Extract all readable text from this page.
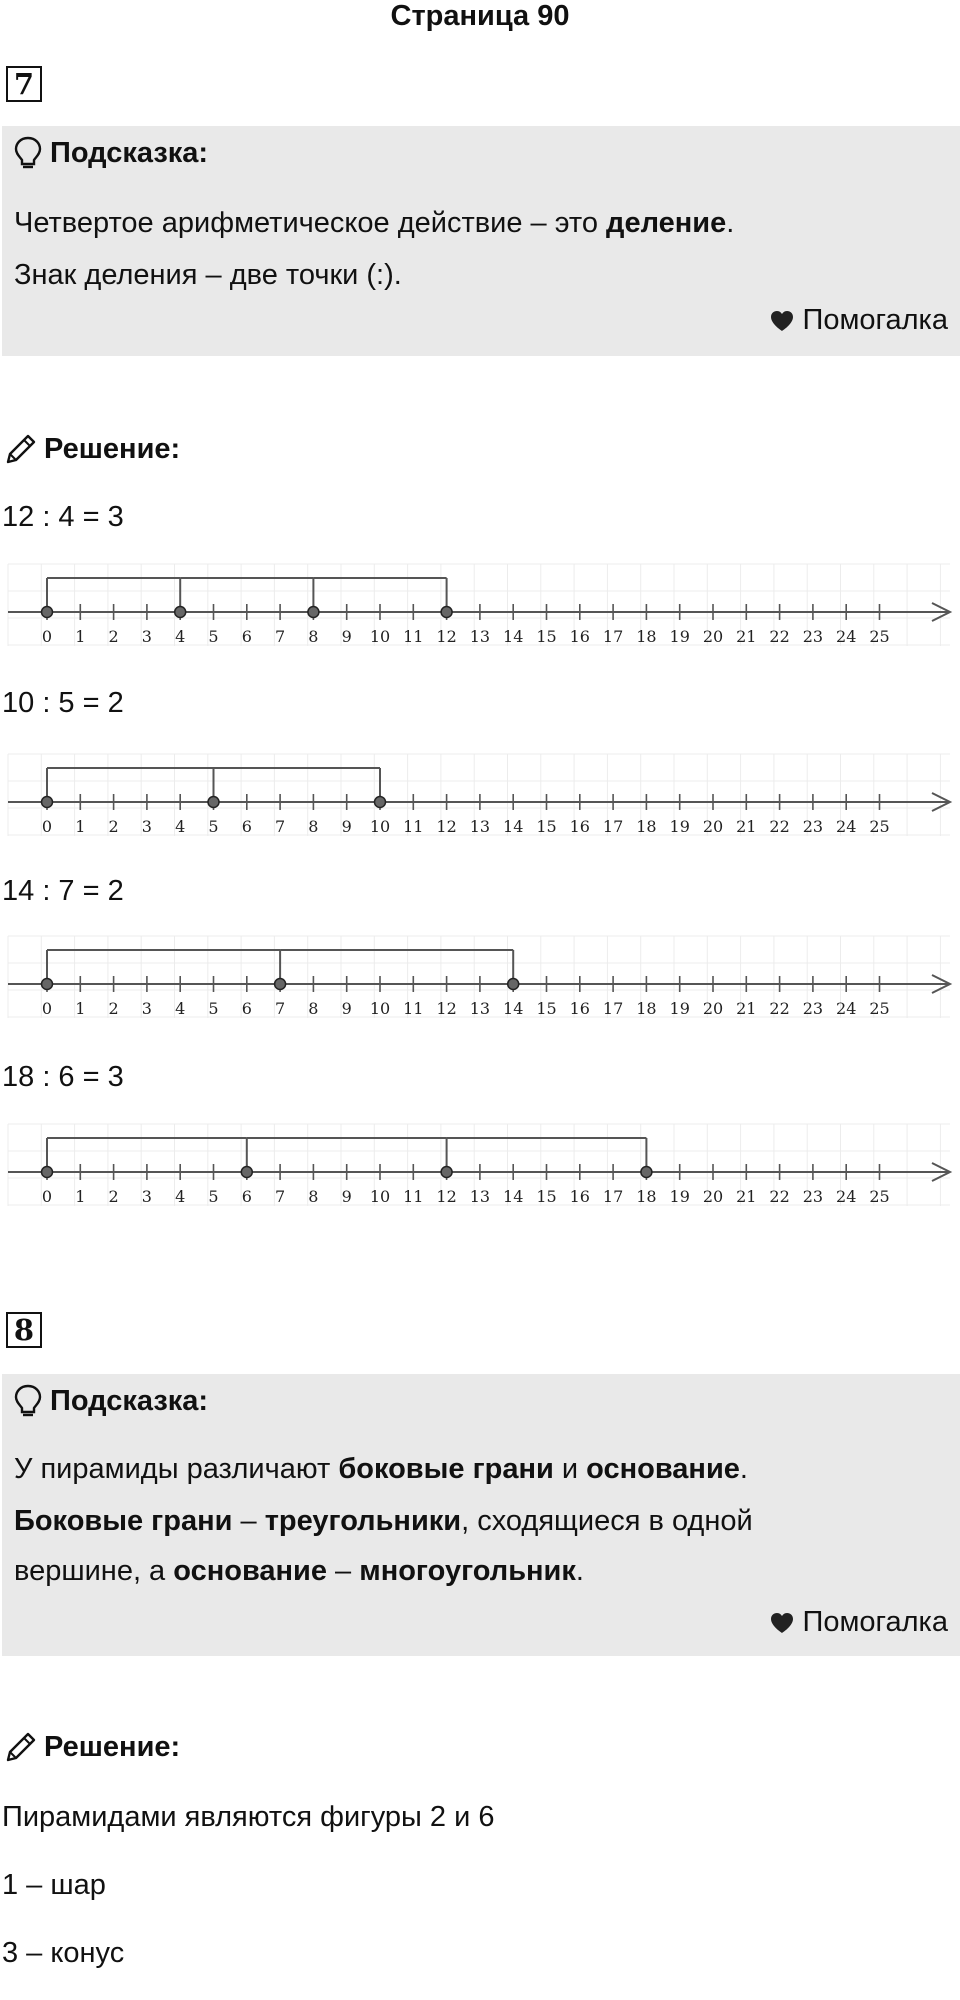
Страница 90
7
Подсказка:
Четвертое арифметическое действие – это деление.
Знак деления – две точки (:).
Помогалка
Решение:
12 : 4 = 3
0 1 2 3 4 5 6 7 8 9 10 11 12 13 14 15 16 17 18 19 20 21 22 23 24 25
10 : 5 = 2
0 1 2 3 4 5 6 7 8 9 10 11 12 13 14 15 16 17 18 19 20 21 22 23 24 25
14 : 7 = 2
0 1 2 3 4 5 6 7 8 9 10 11 12 13 14 15 16 17 18 19 20 21 22 23 24 25
18 : 6 = 3
0 1 2 3 4 5 6 7 8 9 10 11 12 13 14 15 16 17 18 19 20 21 22 23 24 25
8
Подсказка:
У пирамиды различают боковые грани и основание.
Боковые грани – треугольники, сходящиеся в одной
вершине, а основание – многоугольник.
Помогалка
Решение:
Пирамидами являются фигуры 2 и 6
1 – шар
3 – конус
